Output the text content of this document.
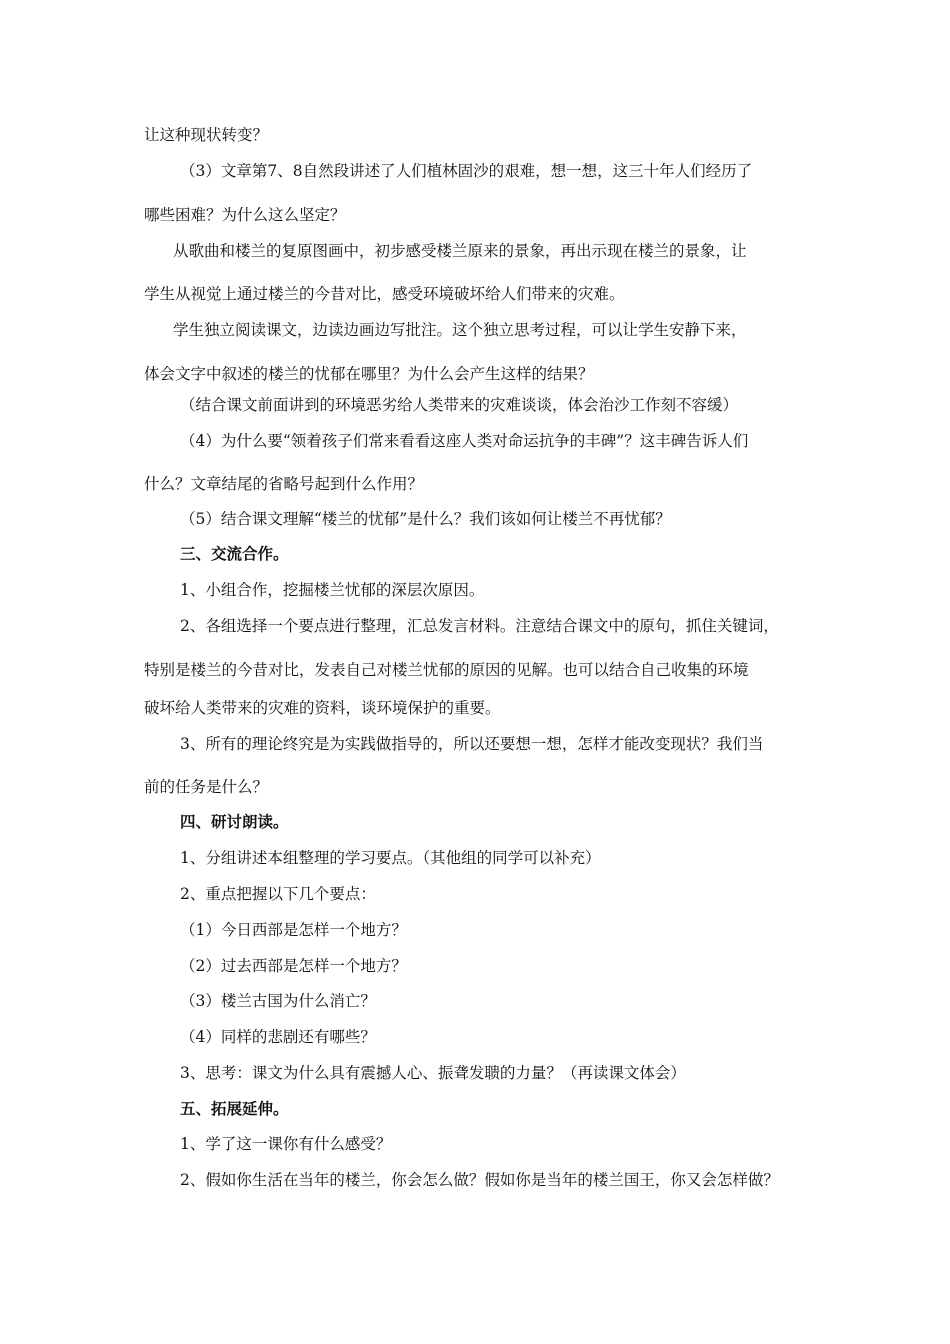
让这种现状转变？
（3）文章第7、8自然段讲述了人们植林固沙的艰难，想一想，这三十年人们经历了
哪些困难？为什么这么坚定？
从歌曲和楼兰的复原图画中，初步感受楼兰原来的景象，再出示现在楼兰的景象，让
学生从视觉上通过楼兰的今昔对比，感受环境破坏给人们带来的灾难。
学生独立阅读课文，边读边画边写批注。这个独立思考过程，可以让学生安静下来，
体会文字中叙述的楼兰的忧郁在哪里？为什么会产生这样的结果？
（结合课文前面讲到的环境恶劣给人类带来的灾难谈谈，体会治沙工作刻不容缓）
（4）为什么要“领着孩子们常来看看这座人类对命运抗争的丰碑”？这丰碑告诉人们
什么？文章结尾的省略号起到什么作用？
（5）结合课文理解“楼兰的忧郁”是什么？我们该如何让楼兰不再忧郁？
三、交流合作。
1、小组合作，挖掘楼兰忧郁的深层次原因。
2、各组选择一个要点进行整理，汇总发言材料。注意结合课文中的原句，抓住关键词，
特别是楼兰的今昔对比，发表自己对楼兰忧郁的原因的见解。也可以结合自己收集的环境
破坏给人类带来的灾难的资料，谈环境保护的重要。
3、所有的理论终究是为实践做指导的，所以还要想一想，怎样才能改变现状？我们当
前的任务是什么？
四、研讨朗读。
1、分组讲述本组整理的学习要点。（其他组的同学可以补充）
2、重点把握以下几个要点：
（1）今日西部是怎样一个地方？
（2）过去西部是怎样一个地方？
（3）楼兰古国为什么消亡？
（4）同样的悲剧还有哪些？
3、思考：课文为什么具有震撼人心、振聋发聩的力量？（再读课文体会）
五、拓展延伸。
1、学了这一课你有什么感受？
2、假如你生活在当年的楼兰，你会怎么做？假如你是当年的楼兰国王，你又会怎样做？
